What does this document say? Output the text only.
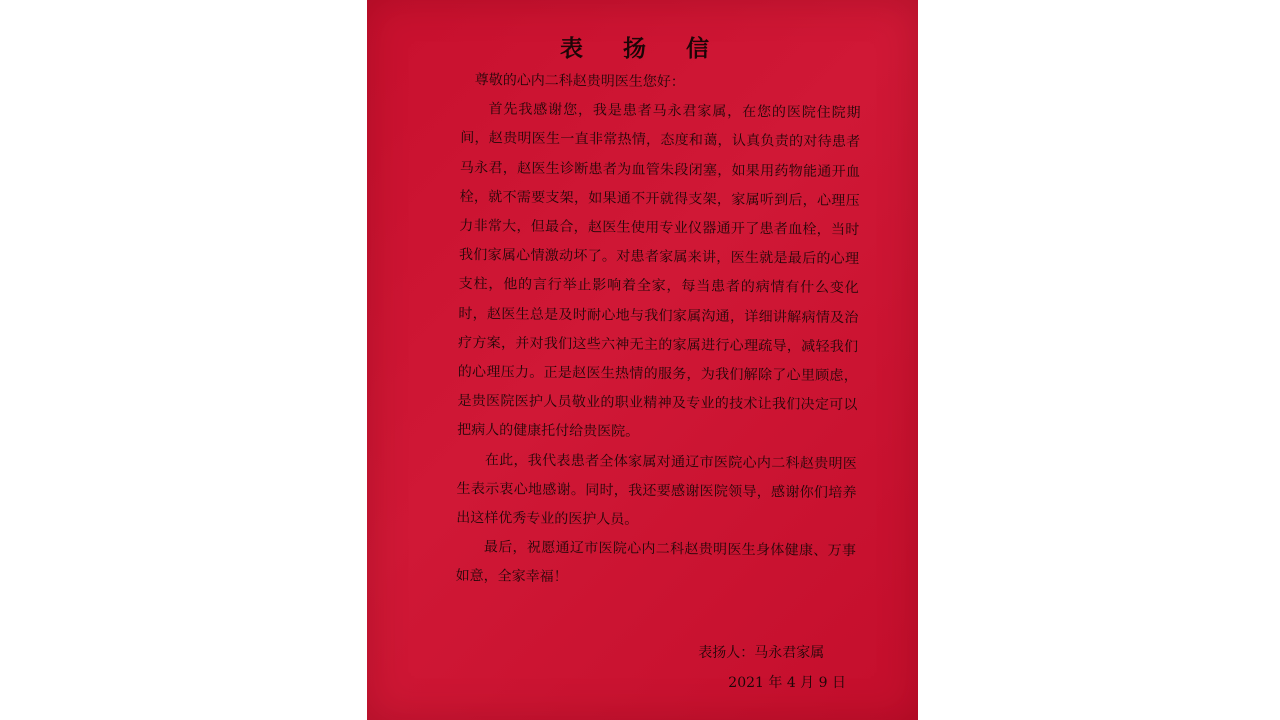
表 扬 信

尊敬的心内二科赵贵明医生您好：

首先我感谢您，我是患者马永君家属，在您的医院住院期间，赵贵明医生一直非常热情，态度和蔼，认真负责的对待患者马永君，赵医生诊断患者为血管朱段闭塞，如果用药物能通开血栓，就不需要支架，如果通不开就得支架，家属听到后，心理压力非常大，但最合，赵医生使用专业仪器通开了患者血栓，当时我们家属心情激动坏了。对患者家属来讲，医生就是最后的心理支柱，他的言行举止影响着全家，每当患者的病情有什么变化时，赵医生总是及时耐心地与我们家属沟通，详细讲解病情及治疗方案，并对我们这些六神无主的家属进行心理疏导，减轻我们的心理压力。正是赵医生热情的服务，为我们解除了心里顾虑，是贵医院医护人员敬业的职业精神及专业的技术让我们决定可以把病人的健康托付给贵医院。

在此，我代表患者全体家属对通辽市医院心内二科赵贵明医生表示衷心地感谢。同时，我还要感谢医院领导，感谢你们培养出这样优秀专业的医护人员。

最后，祝愿通辽市医院心内二科赵贵明医生身体健康、万事如意，全家幸福！

表扬人：马永君家属
2021 年 4 月 9 日
